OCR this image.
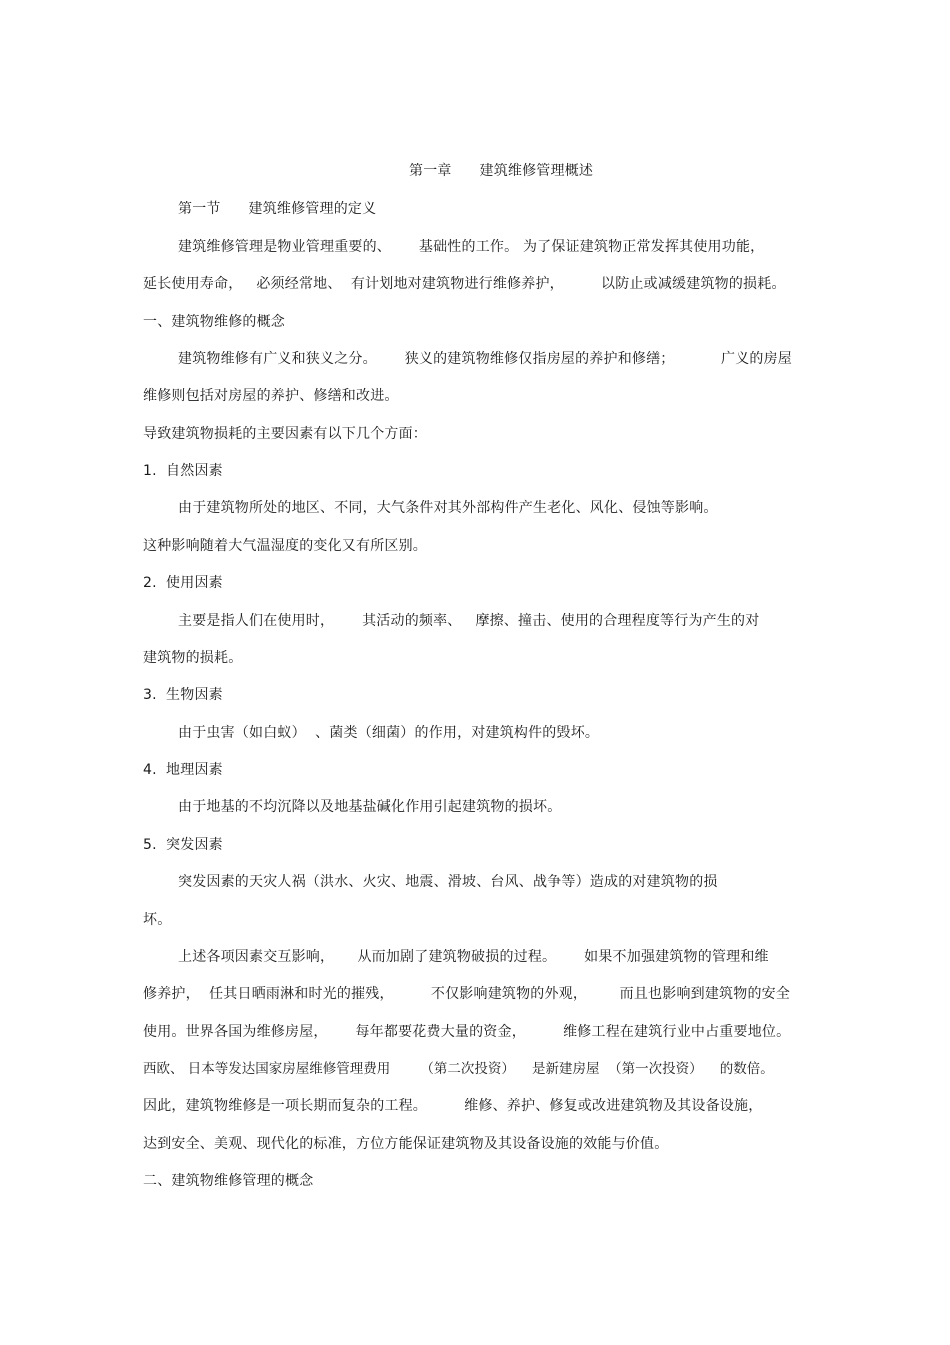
第一章      建筑维修管理概述
第一节      建筑维修管理的定义
建筑维修管理是物业管理重要的、      基础性的工作。 为了保证建筑物正常发挥其使用功能，
延长使用寿命，   必须经常地、  有计划地对建筑物进行维修养护，        以防止或减缓建筑物的损耗。
一、建筑物维修的概念
建筑物维修有广义和狭义之分。      狭义的建筑物维修仅指房屋的养护和修缮；          广义的房屋
维修则包括对房屋的养护、修缮和改进。
导致建筑物损耗的主要因素有以下几个方面：
1.  自然因素
由于建筑物所处的地区、不同，大气条件对其外部构件产生老化、风化、侵蚀等影响。
这种影响随着大气温湿度的变化又有所区别。
2.  使用因素
主要是指人们在使用时，      其活动的频率、   摩擦、撞击、使用的合理程度等行为产生的对
建筑物的损耗。
3.  生物因素
由于虫害（如白蚁）  、菌类（细菌）的作用，对建筑构件的毁坏。
4.  地理因素
由于地基的不均沉降以及地基盐碱化作用引起建筑物的损坏。
5.  突发因素
突发因素的天灾人祸（洪水、火灾、地震、滑坡、台风、战争等）造成的对建筑物的损
坏。
上述各项因素交互影响，     从而加剧了建筑物破损的过程。      如果不加强建筑物的管理和维
修养护，  任其日晒雨淋和时光的摧残，        不仅影响建筑物的外观，       而且也影响到建筑物的安全
使用。世界各国为维修房屋，      每年都要花费大量的资金，        维修工程在建筑行业中占重要地位。
西欧、 日本等发达国家房屋维修管理费用       （第二次投资）    是新建房屋  （第一次投资）    的数倍。
因此，建筑物维修是一项长期而复杂的工程。        维修、养护、修复或改进建筑物及其设备设施，
达到安全、美观、现代化的标准，方位方能保证建筑物及其设备设施的效能与价值。
二、建筑物维修管理的概念
